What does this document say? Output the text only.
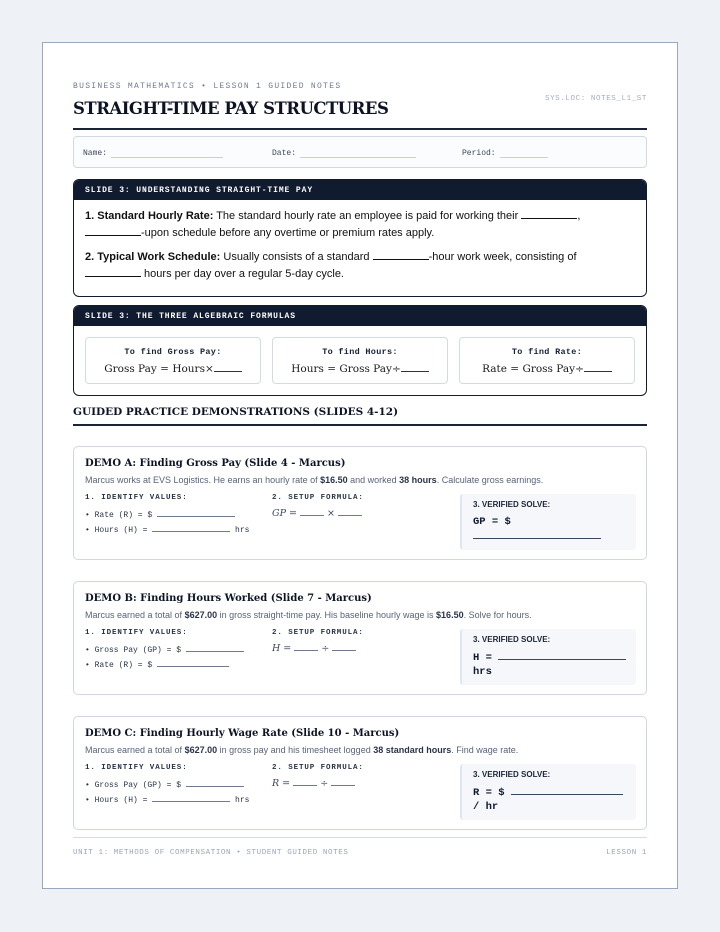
BUSINESS MATHEMATICS • LESSON 1 GUIDED NOTES
SYS.LOC: NOTES_L1_ST
STRAIGHT-TIME PAY STRUCTURES
Name:	Date:	Period:
SLIDE 3: UNDERSTANDING STRAIGHT-TIME PAY
1. Standard Hourly Rate: The standard hourly rate an employee is paid for working their	,
-upon schedule before any overtime or premium rates apply.
2. Typical Work Schedule: Usually consists of a standard	-hour work week, consisting of
hours per day over a regular 5-day cycle.
SLIDE 3: THE THREE ALGEBRAIC FORMULAS
To find Gross Pay:
Gross Pay = Hours×
To find Hours:
Hours = Gross Pay÷
To find Rate:
Rate = Gross Pay÷
GUIDED PRACTICE DEMONSTRATIONS (SLIDES 4-12)
DEMO A: Finding Gross Pay (Slide 4 - Marcus)
Marcus works at EVS Logistics. He earns an hourly rate of $16.50 and worked 38 hours. Calculate gross earnings.
1. IDENTIFY VALUES:
• Rate (R) = $
• Hours (H) =	hrs
2. SETUP FORMULA:
GP =	×
3. VERIFIED SOLVE:
GP = $

DEMO B: Finding Hours Worked (Slide 7 - Marcus)
Marcus earned a total of $627.00 in gross straight-time pay. His baseline hourly wage is $16.50. Solve for hours.
1. IDENTIFY VALUES:
• Gross Pay (GP) = $
• Rate (R) = $
2. SETUP FORMULA:
H =	÷
3. VERIFIED SOLVE:
H =
hrs
DEMO C: Finding Hourly Wage Rate (Slide 10 - Marcus)
Marcus earned a total of $627.00 in gross pay and his timesheet logged 38 standard hours. Find wage rate.
1. IDENTIFY VALUES:
• Gross Pay (GP) = $
• Hours (H) =	hrs
2. SETUP FORMULA:
R =	÷
3. VERIFIED SOLVE:
R = $
/ hr
UNIT 1: METHODS OF COMPENSATION • STUDENT GUIDED NOTES	LESSON 1
